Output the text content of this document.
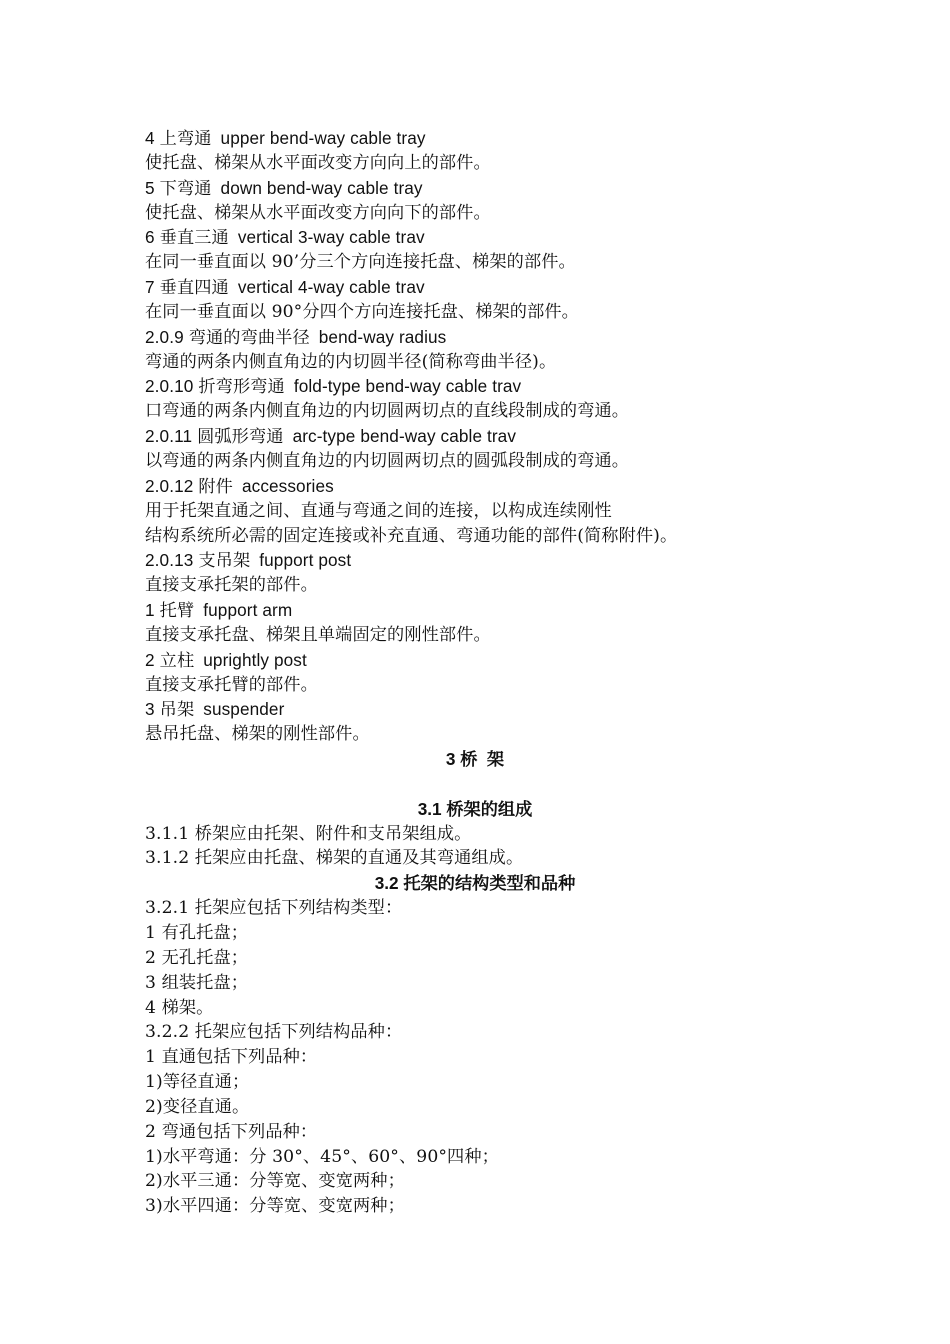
4 上弯通 upper bend-way cable tray
使托盘、梯架从水平面改变方向向上的部件。
5 下弯通 down bend-way cable tray
使托盘、梯架从水平面改变方向向下的部件。
6 垂直三通 vertical 3-way cable trav
在同一垂直面以 90’分三个方向连接托盘、梯架的部件。
7 垂直四通 vertical 4-way cable trav
在同一垂直面以 90°分四个方向连接托盘、梯架的部件。
2.0.9 弯通的弯曲半径 bend-way radius
弯通的两条内侧直角边的内切圆半径(简称弯曲半径)。
2.0.10 折弯形弯通 fold-type bend-way cable trav
口弯通的两条内侧直角边的内切圆两切点的直线段制成的弯通。
2.0.11 圆弧形弯通 arc-type bend-way cable trav
以弯通的两条内侧直角边的内切圆两切点的圆弧段制成的弯通。
2.0.12 附件 accessories
用于托架直通之间、直通与弯通之间的连接，以构成连续刚性
结构系统所必需的固定连接或补充直通、弯通功能的部件(简称附件)。
2.0.13 支吊架 fupport post
直接支承托架的部件。
1 托臂 fupport arm
直接支承托盘、梯架且单端固定的刚性部件。
2 立柱 uprightly post
直接支承托臂的部件。
3 吊架 suspender
悬吊托盘、梯架的刚性部件。
3 桥  架
3.1 桥架的组成
3.1.1 桥架应由托架、附件和支吊架组成。
3.1.2 托架应由托盘、梯架的直通及其弯通组成。
3.2 托架的结构类型和品种
3.2.1 托架应包括下列结构类型：
1 有孔托盘；
2 无孔托盘；
3 组装托盘；
4 梯架。
3.2.2 托架应包括下列结构品种：
1 直通包括下列品种：
1)等径直通；
2)变径直通。
2 弯通包括下列品种：
1)水平弯通：分 30°、45°、60°、90°四种；
2)水平三通：分等宽、变宽两种；
3)水平四通：分等宽、变宽两种；
